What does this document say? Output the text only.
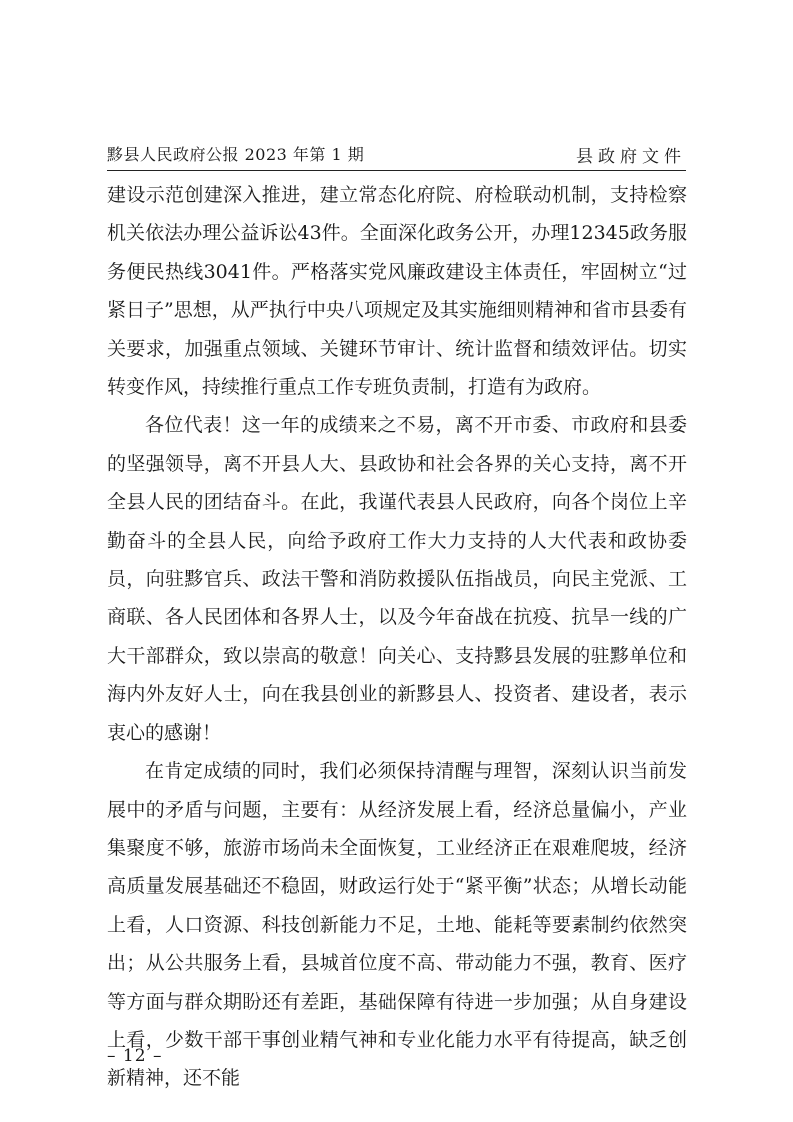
黟县人民政府公报 2023 年第 1 期	县政府文件

建设示范创建深入推进，建立常态化府院、府检联动机制，支持检察机关依法办理公益诉讼43件。全面深化政务公开，办理12345政务服务便民热线3041件。严格落实党风廉政建设主体责任，牢固树立“过紧日子”思想，从严执行中央八项规定及其实施细则精神和省市县委有关要求，加强重点领域、关键环节审计、统计监督和绩效评估。切实转变作风，持续推行重点工作专班负责制，打造有为政府。

各位代表！这一年的成绩来之不易，离不开市委、市政府和县委的坚强领导，离不开县人大、县政协和社会各界的关心支持，离不开全县人民的团结奋斗。在此，我谨代表县人民政府，向各个岗位上辛勤奋斗的全县人民，向给予政府工作大力支持的人大代表和政协委员，向驻黟官兵、政法干警和消防救援队伍指战员，向民主党派、工商联、各人民团体和各界人士，以及今年奋战在抗疫、抗旱一线的广大干部群众，致以崇高的敬意！向关心、支持黟县发展的驻黟单位和海内外友好人士，向在我县创业的新黟县人、投资者、建设者，表示衷心的感谢！

在肯定成绩的同时，我们必须保持清醒与理智，深刻认识当前发展中的矛盾与问题，主要有：从经济发展上看，经济总量偏小，产业集聚度不够，旅游市场尚未全面恢复，工业经济正在艰难爬坡，经济高质量发展基础还不稳固，财政运行处于“紧平衡”状态；从增长动能上看，人口资源、科技创新能力不足，土地、能耗等要素制约依然突出；从公共服务上看，县城首位度不高、带动能力不强，教育、医疗等方面与群众期盼还有差距，基础保障有待进一步加强；从自身建设上看，少数干部干事创业精气神和专业化能力水平有待提高，缺乏创新精神，还不能

– 12 –
